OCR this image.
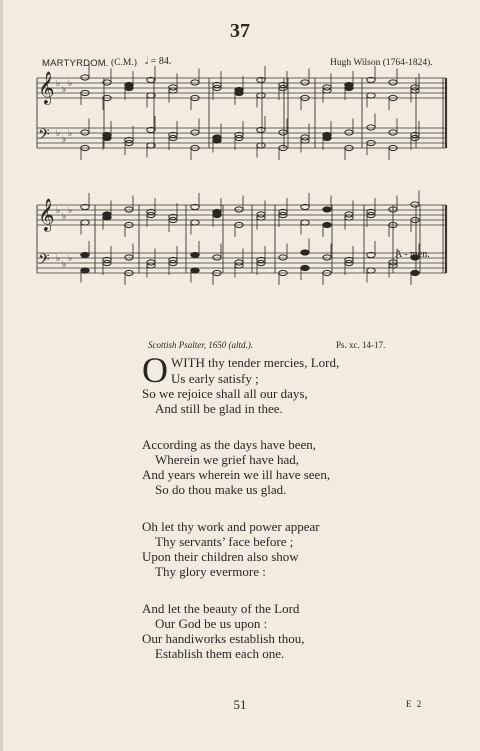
37
MARTYRDOM. (C.M.) 𝅗𝅥 = 84.	Hugh Wilson (1764-1824).
𝄞 ♭
♭
♭
𝄢 ♭
♭
♭
𝄞 ♭
♭
♭
𝄢 ♭
♭
♭	A - men.
Scottish Psalter, 1650 (altd.).	Ps. xc. 14-17.
O WITH thy tender mercies, Lord,
Us early satisfy ;
So we rejoice shall all our days,
And still be glad in thee.
According as the days have been,
Wherein we grief have had,
And years wherein we ill have seen,
So do thou make us glad.
Oh let thy work and power appear
Thy servants’ face before ;
Upon their children also show
Thy glory evermore :
And let the beauty of the Lord
Our God be us upon :
Our handiworks establish thou,
Establish them each one.
51	E 2
